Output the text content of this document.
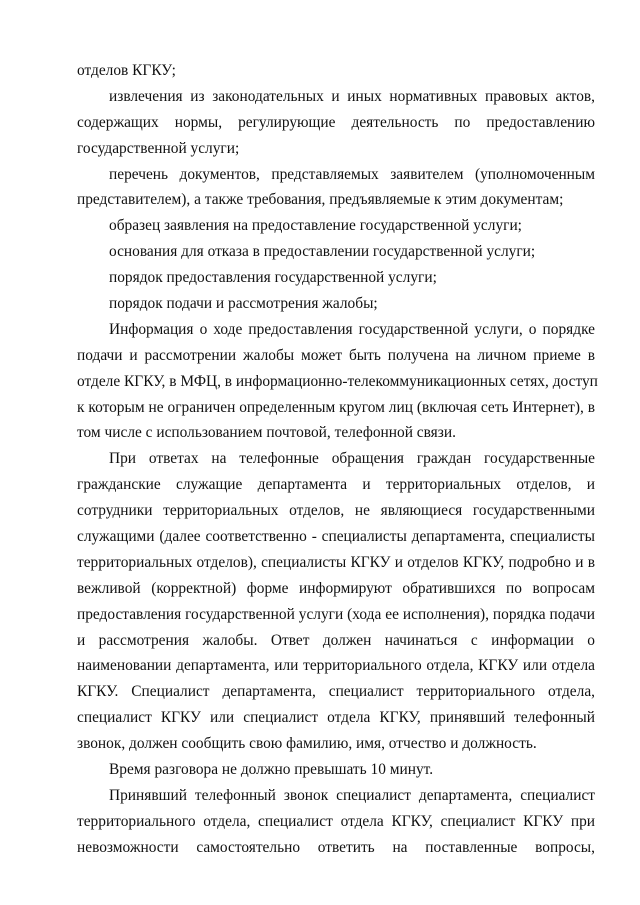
отделов КГКУ;
извлечения из законодательных и иных нормативных правовых актов,
содержащих нормы, регулирующие деятельность по предоставлению
государственной услуги;
перечень документов, представляемых заявителем (уполномоченным
представителем), а также требования, предъявляемые к этим документам;
образец заявления на предоставление государственной услуги;
основания для отказа в предоставлении государственной услуги;
порядок предоставления государственной услуги;
порядок подачи и рассмотрения жалобы;
Информация о ходе предоставления государственной услуги, о порядке
подачи и рассмотрении жалобы может быть получена на личном приеме в
отделе КГКУ, в МФЦ, в информационно-телекоммуникационных сетях, доступ
к которым не ограничен определенным кругом лиц (включая сеть Интернет), в
том числе с использованием почтовой, телефонной связи.
При ответах на телефонные обращения граждан государственные
гражданские служащие департамента и территориальных отделов, и
сотрудники территориальных отделов, не являющиеся государственными
служащими (далее соответственно - специалисты департамента, специалисты
территориальных отделов), специалисты КГКУ и отделов КГКУ, подробно и в
вежливой (корректной) форме информируют обратившихся по вопросам
предоставления государственной услуги (хода ее исполнения), порядка подачи
и рассмотрения жалобы. Ответ должен начинаться с информации о
наименовании департамента, или территориального отдела, КГКУ или отдела
КГКУ. Специалист департамента, специалист территориального отдела,
специалист КГКУ или специалист отдела КГКУ, принявший телефонный
звонок, должен сообщить свою фамилию, имя, отчество и должность.
Время разговора не должно превышать 10 минут.
Принявший телефонный звонок специалист департамента, специалист
территориального отдела, специалист отдела КГКУ, специалист КГКУ при
невозможности самостоятельно ответить на поставленные вопросы,
